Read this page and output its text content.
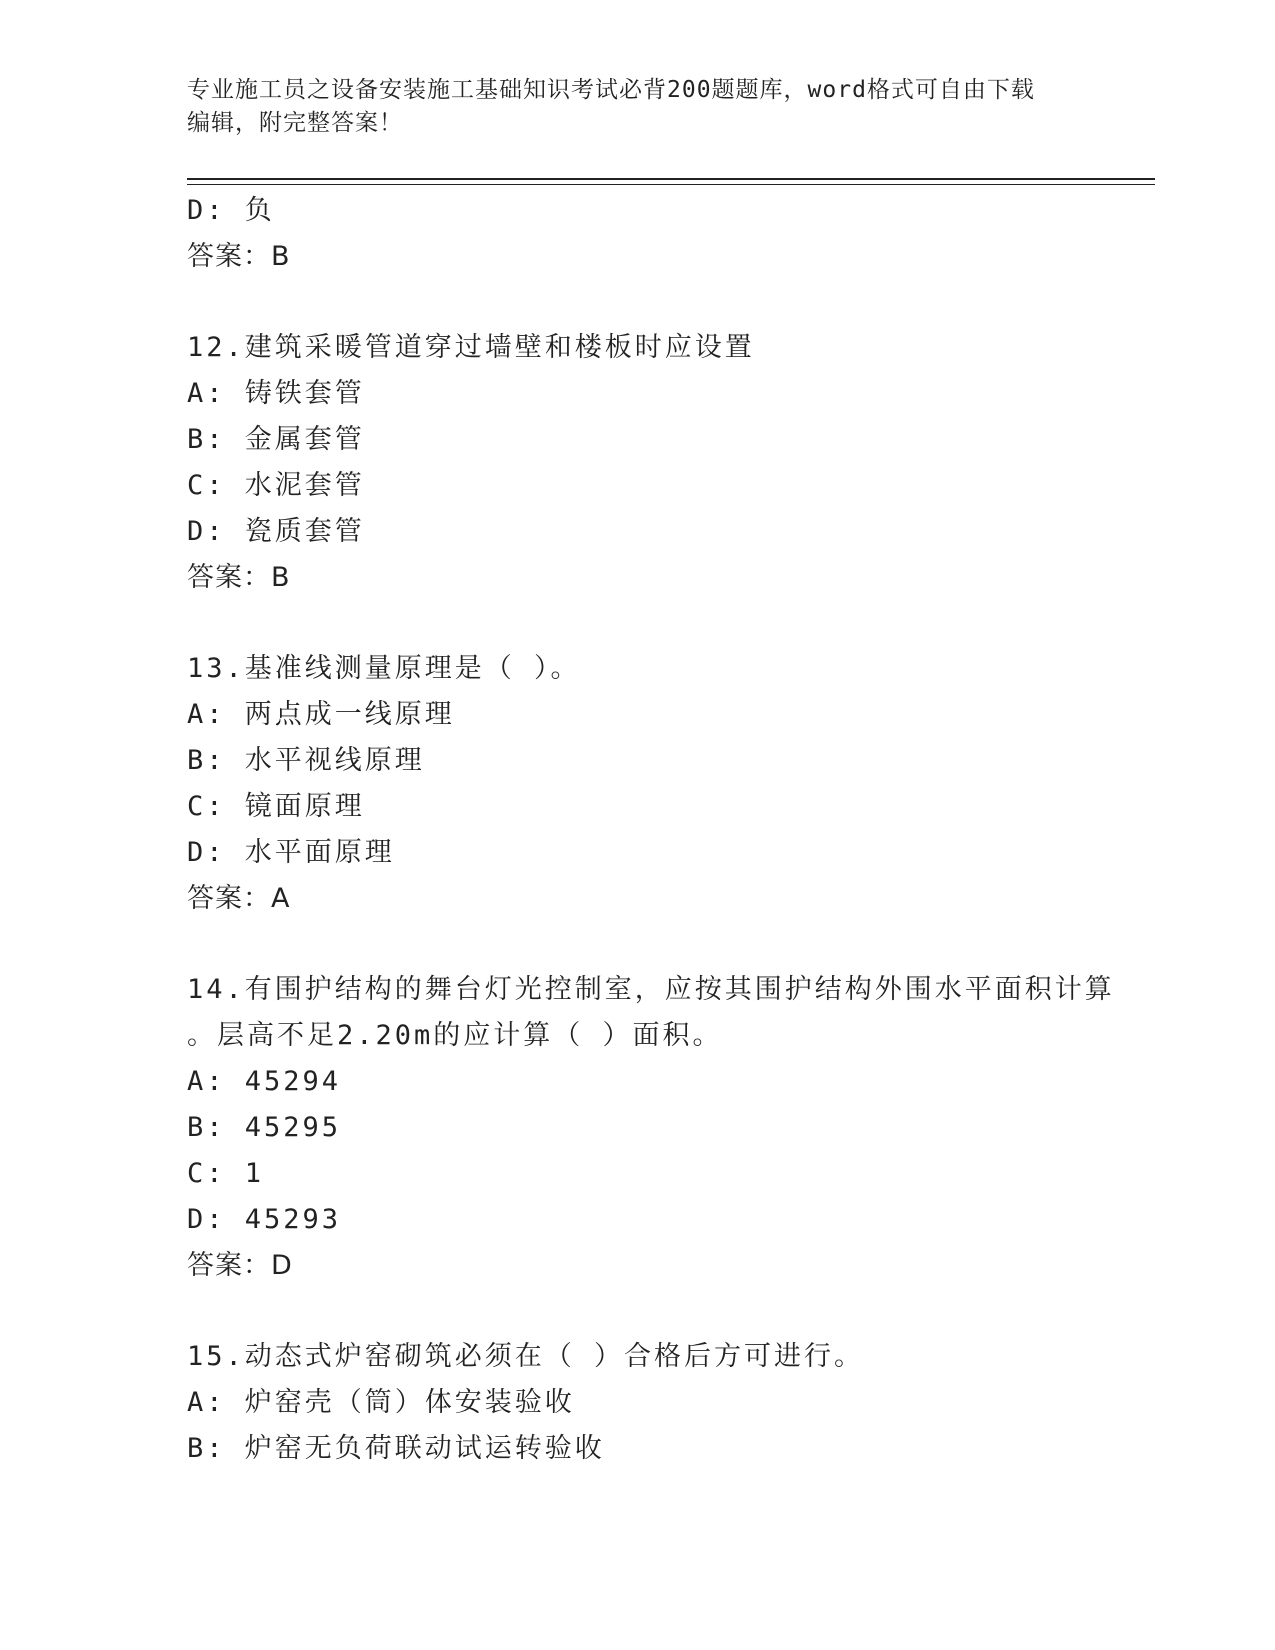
专业施工员之设备安装施工基础知识考试必背200题题库，word格式可自由下载
编辑，附完整答案！
D: 负
答案：B
12.建筑采暖管道穿过墙壁和楼板时应设置
A: 铸铁套管
B: 金属套管
C: 水泥套管
D: 瓷质套管
答案：B
13.基准线测量原理是（ ）。
A: 两点成一线原理
B: 水平视线原理
C: 镜面原理
D: 水平面原理
答案：A
14.有围护结构的舞台灯光控制室，应按其围护结构外围水平面积计算
。层高不足2.20m的应计算（ ）面积。
A: 45294
B: 45295
C: 1
D: 45293
答案：D
15.动态式炉窑砌筑必须在（ ）合格后方可进行。
A: 炉窑壳（筒）体安装验收
B: 炉窑无负荷联动试运转验收
